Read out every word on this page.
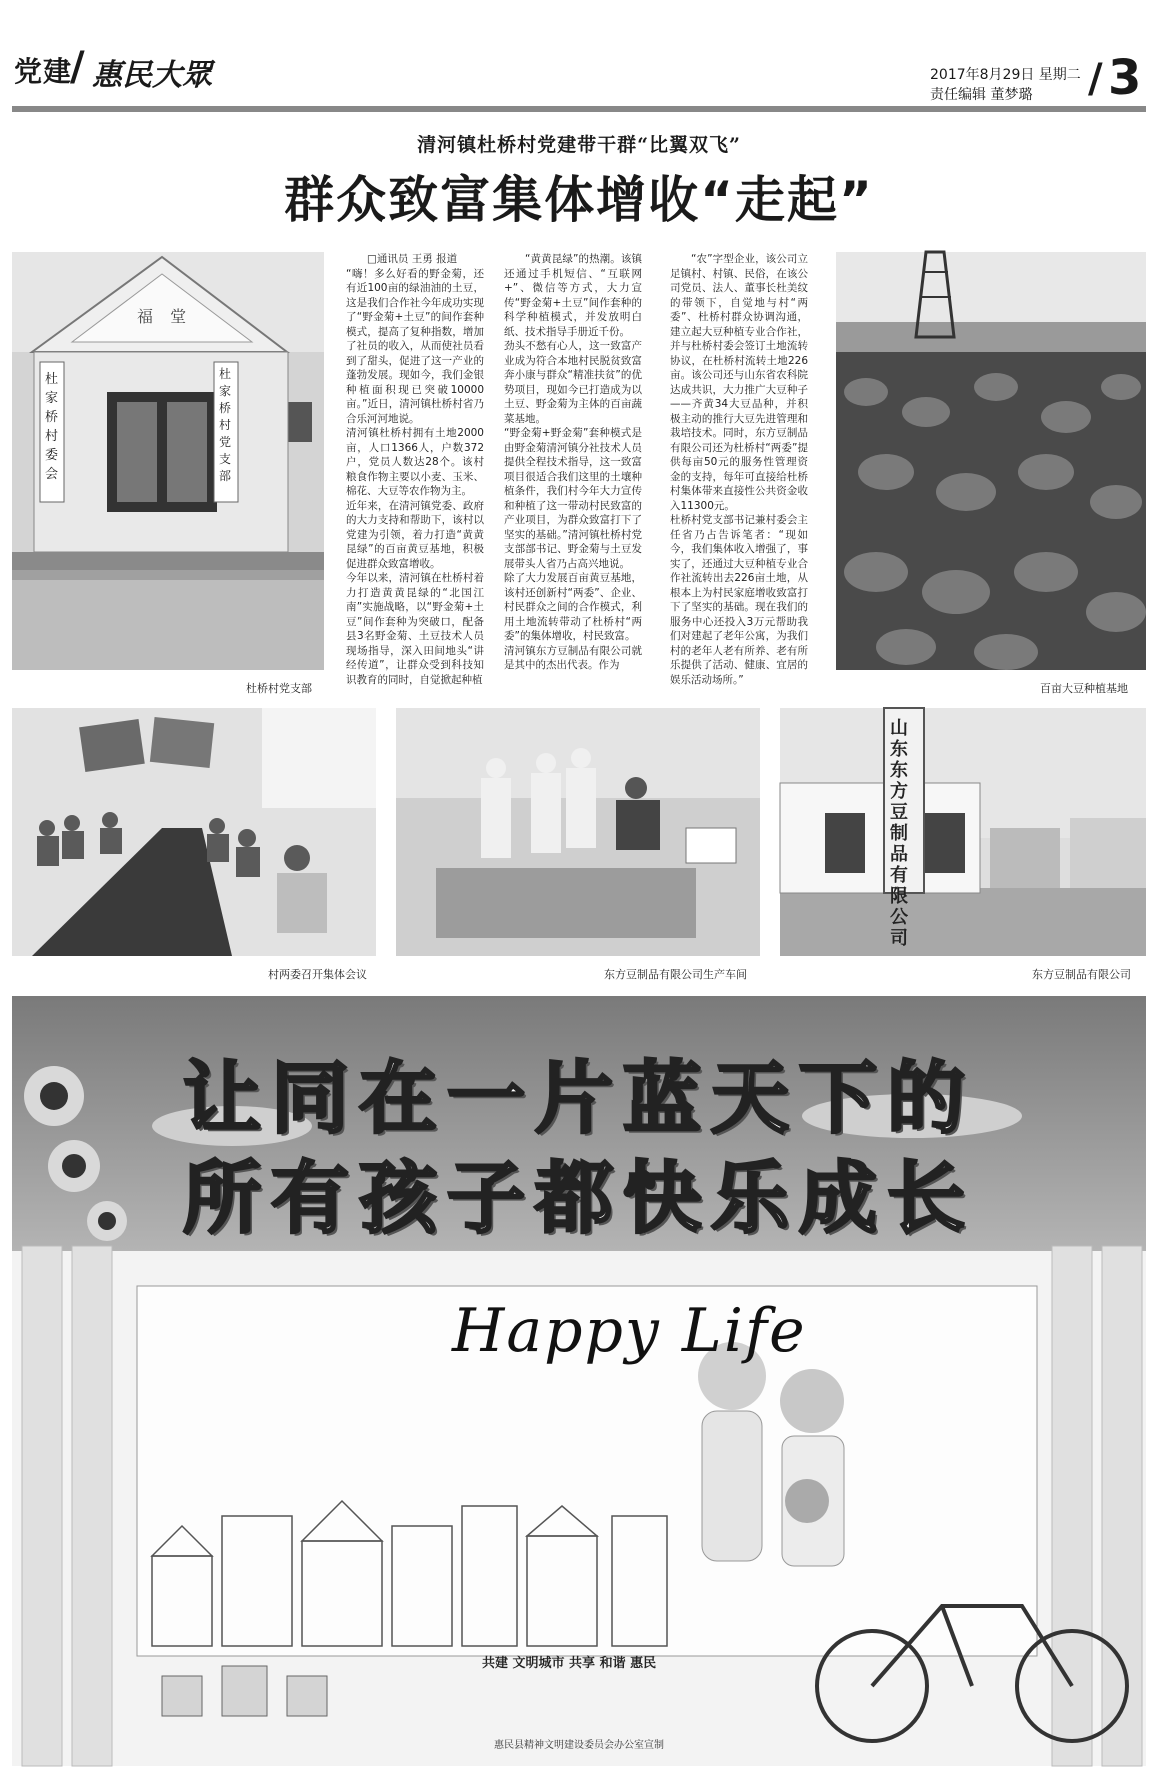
党建
/ 惠民大眾	2017年8月29日 星期二
责任编辑 董梦璐 / 3
清河镇杜桥村党建带干群“比翼双飞”
群众致富集体增收“走起”
福 堂
杜家桥村委会
杜家桥村党支部
杜桥村党支部

□通讯员 王勇 报道
“嗨！多么好看的野金菊，还有近100亩的绿油油的土豆，这是我们合作社今年成功实现了“野金菊+土豆”的间作套种模式，提高了复种指数，增加了社员的收入，从而使社员看到了甜头，促进了这一产业的蓬勃发展。现如今，我们金银种植面积现已突破10000亩。”近日，清河镇杜桥村省乃合乐河河地说。
清河镇杜桥村拥有土地2000亩，人口1366人，户数372户，党员人数达28个。该村粮食作物主要以小麦、玉米、棉花、大豆等农作物为主。
近年来，在清河镇党委、政府的大力支持和帮助下，该村以党建为引领，着力打造“黄黄昆绿”的百亩黄豆基地，积极促进群众致富增收。
今年以来，清河镇在杜桥村着力打造黄黄昆绿的“北国江南”实施战略，以“野金菊+土豆”间作套种为突破口，配备县3名野金菊、土豆技术人员现场指导，深入田间地头“讲经传道”，让群众受到科技知识教育的同时，自觉掀起种植

“黄黄昆绿”的热潮。该镇还通过手机短信、“互联网+”、微信等方式，大力宣传“野金菊+土豆”间作套种的科学种植模式，并发放明白纸、技术指导手册近千份。
劲头不愁有心人，这一致富产业成为符合本地村民脱贫致富奔小康与群众“精准扶贫”的优势项目，现如今已打造成为以土豆、野金菊为主体的百亩蔬菜基地。
“野金菊+野金菊”套种模式是由野金菊清河镇分社技术人员提供全程技术指导，这一致富项目很适合我们这里的土壤种植条件，我们村今年大力宣传和种植了这一带动村民致富的产业项目，为群众致富打下了坚实的基础。”清河镇杜桥村党支部部书记、野金菊与土豆发展带头人省乃占高兴地说。
除了大力发展百亩黄豆基地，该村还创新村“两委”、企业、村民群众之间的合作模式，利用土地流转带动了杜桥村“两委”的集体增收，村民致富。
清河镇东方豆制品有限公司就是其中的杰出代表。作为

“农”字型企业，该公司立足镇村、村镇、民俗，在该公司党员、法人、董事长杜美纹的带领下，自觉地与村“两委”、杜桥村群众协调沟通，建立起大豆种植专业合作社，并与杜桥村委会签订土地流转协议，在杜桥村流转土地226亩。该公司还与山东省农科院达成共识，大力推广大豆种子——齐黄34大豆品种，并积极主动的推行大豆先进管理和栽培技术。同时，东方豆制品有限公司还为杜桥村“两委”提供每亩50元的服务性管理资金的支持，每年可直接给杜桥村集体带来直接性公共资金收入11300元。
杜桥村党支部书记兼村委会主任省乃占告诉笔者：“现如今，我们集体收入增强了，事实了，还通过大豆种植专业合作社流转出去226亩土地，从根本上为村民家庭增收致富打下了坚实的基础。现在我们的服务中心还投入3万元帮助我们对建起了老年公寓，为我们村的老年人老有所养、老有所乐提供了活动、健康、宜居的娱乐活动场所。”

百亩大豆种植基地
村两委召开集体会议	东方豆制品有限公司生产车间
山东东方豆制品有限公司
东方豆制品有限公司
让同在一片蓝天下的
所有孩子都快乐成长
Happy Life
共建 文明城市 共享 和谐 惠民
惠民县精神文明建设委员会办公室宣制
